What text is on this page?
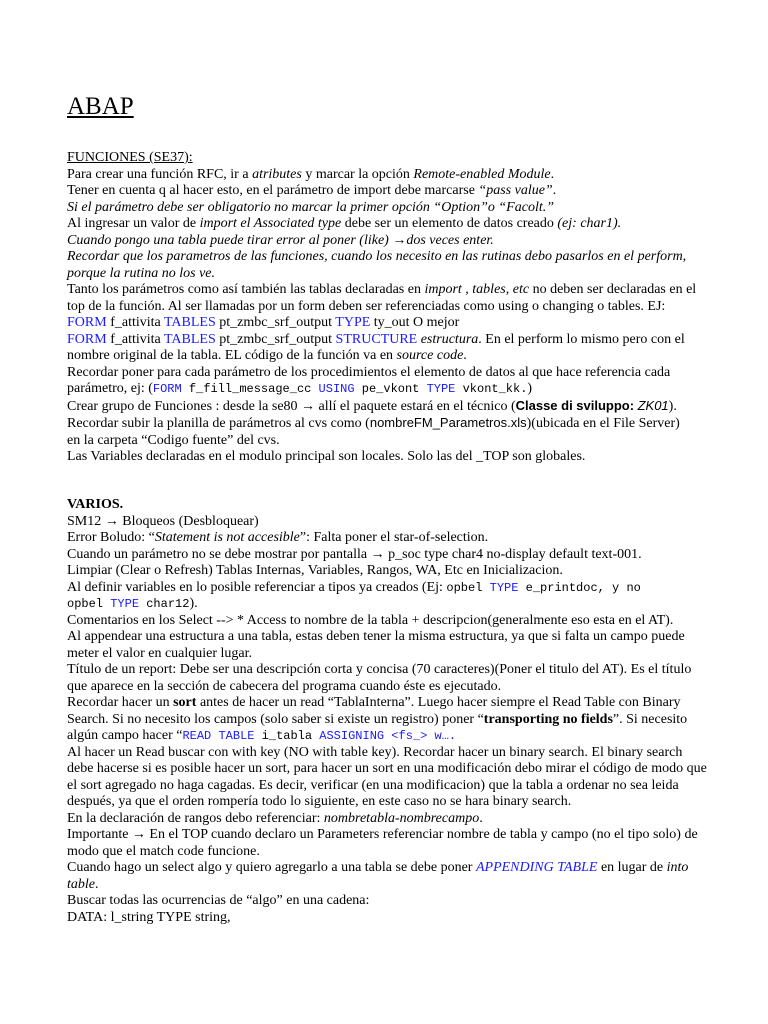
ABAP
FUNCIONES (SE37):
Para crear una función RFC, ir a atributes y marcar la opción Remote-enabled Module.
Tener en cuenta q al hacer esto, en el parámetro de import debe marcarse “pass value”.
Si el parámetro debe ser obligatorio no marcar la primer opción “Option”o “Facolt.”
Al ingresar un valor de import el Associated type debe ser un elemento de datos creado (ej: char1).
Cuando pongo una tabla puede tirar error al poner (like) →dos veces enter.
Recordar que los parametros de las funciones, cuando los necesito en las rutinas debo pasarlos en el perform,
porque la rutina no los ve.
Tanto los parámetros como así también las tablas declaradas en import , tables, etc no deben ser declaradas en el
top de la función. Al ser llamadas por un form deben ser referenciadas como using o changing o tables. EJ:
FORM f_attivita TABLES pt_zmbc_srf_output TYPE ty_out O mejor
FORM f_attivita TABLES pt_zmbc_srf_output STRUCTURE estructura. En el perform lo mismo pero con el
nombre original de la tabla. EL código de la función va en source code.
Recordar poner para cada parámetro de los procedimientos el elemento de datos al que hace referencia cada
parámetro, ej: (FORM f_fill_message_cc USING pe_vkont TYPE vkont_kk.)
Crear grupo de Funciones : desde la se80 → allí el paquete estará en el técnico (Classe di sviluppo: ZK01).
Recordar subir la planilla de parámetros al cvs como (nombreFM_Parametros.xls)(ubicada en el File Server)
en la carpeta “Codigo fuente” del cvs.
Las Variables declaradas en el modulo principal son locales. Solo las del _TOP son globales.
VARIOS.
SM12 → Bloqueos (Desbloquear)
Error Boludo: “Statement is not accesible”: Falta poner el star-of-selection.
Cuando un parámetro no se debe mostrar por pantalla → p_soc type char4 no-display default text-001.
Limpiar (Clear o Refresh) Tablas Internas, Variables, Rangos, WA, Etc en Inicializacion.
Al definir variables en lo posible referenciar a tipos ya creados (Ej: opbel TYPE e_printdoc, y no
opbel TYPE char12).
Comentarios en los Select --> * Access to nombre de la tabla + descripcion(generalmente eso esta en el AT).
Al appendear una estructura a una tabla, estas deben tener la misma estructura, ya que si falta un campo puede
meter el valor en cualquier lugar.
Título de un report: Debe ser una descripción corta y concisa (70 caracteres)(Poner el titulo del AT). Es el título
que aparece en la sección de cabecera del programa cuando éste es ejecutado.
Recordar hacer un sort antes de hacer un read “TablaInterna”. Luego hacer siempre el Read Table con Binary
Search. Si no necesito los campos (solo saber si existe un registro) poner “transporting no fields”. Si necesito
algún campo hacer “READ TABLE i_tabla ASSIGNING <fs_> w….
Al hacer un Read buscar con with key (NO with table key). Recordar hacer un binary search. El binary search
debe hacerse si es posible hacer un sort, para hacer un sort en una modificación debo mirar el código de modo que
el sort agregado no haga cagadas. Es decir, verificar (en una modificacion) que la tabla a ordenar no sea leida
después, ya que el orden rompería todo lo siguiente, en este caso no se hara binary search.
En la declaración de rangos debo referenciar: nombretabla-nombrecampo.
Importante → En el TOP cuando declaro un Parameters referenciar nombre de tabla y campo (no el tipo solo) de
modo que el match code funcione.
Cuando hago un select algo y quiero agregarlo a una tabla se debe poner APPENDING TABLE en lugar de into
table.
Buscar todas las ocurrencias de “algo” en una cadena:
DATA: l_string TYPE string,
